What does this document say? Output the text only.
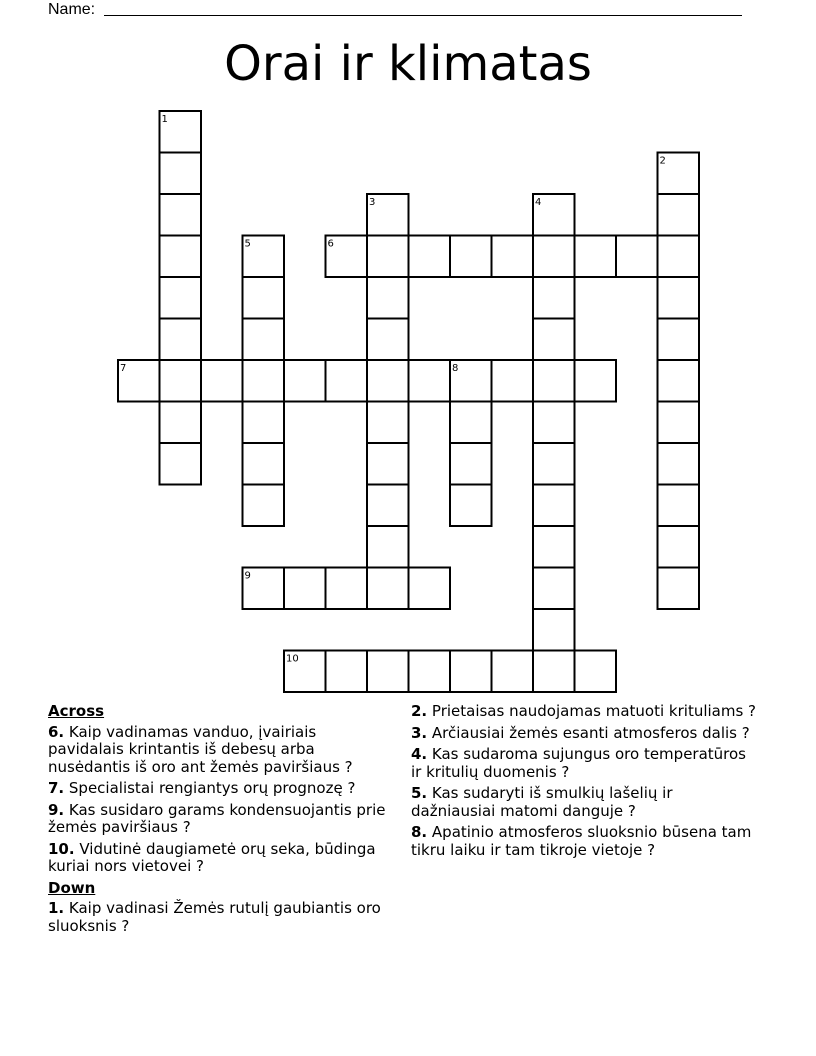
Name:
Orai ir klimatas
1
2
3	4
5	6
7	8
9
10
Across
6. Kaip vadinamas vanduo, įvairiais pavidalais krintantis iš debesų arba nusėdantis iš oro ant žemės paviršiaus ?
7. Specialistai rengiantys orų prognozę ?
9. Kas susidaro garams kondensuojantis prie žemės paviršiaus ?
10. Vidutinė daugiametė orų seka, būdinga kuriai nors vietovei ?
Down
1. Kaip vadinasi Žemės rutulį gaubiantis oro sluoksnis ?
2. Prietaisas naudojamas matuoti krituliams ?
3. Arčiausiai žemės esanti atmosferos dalis ?
4. Kas sudaroma sujungus oro temperatūros ir kritulių duomenis ?
5. Kas sudaryti iš smulkių lašelių ir dažniausiai matomi danguje ?
8. Apatinio atmosferos sluoksnio būsena tam tikru laiku ir tam tikroje vietoje ?
